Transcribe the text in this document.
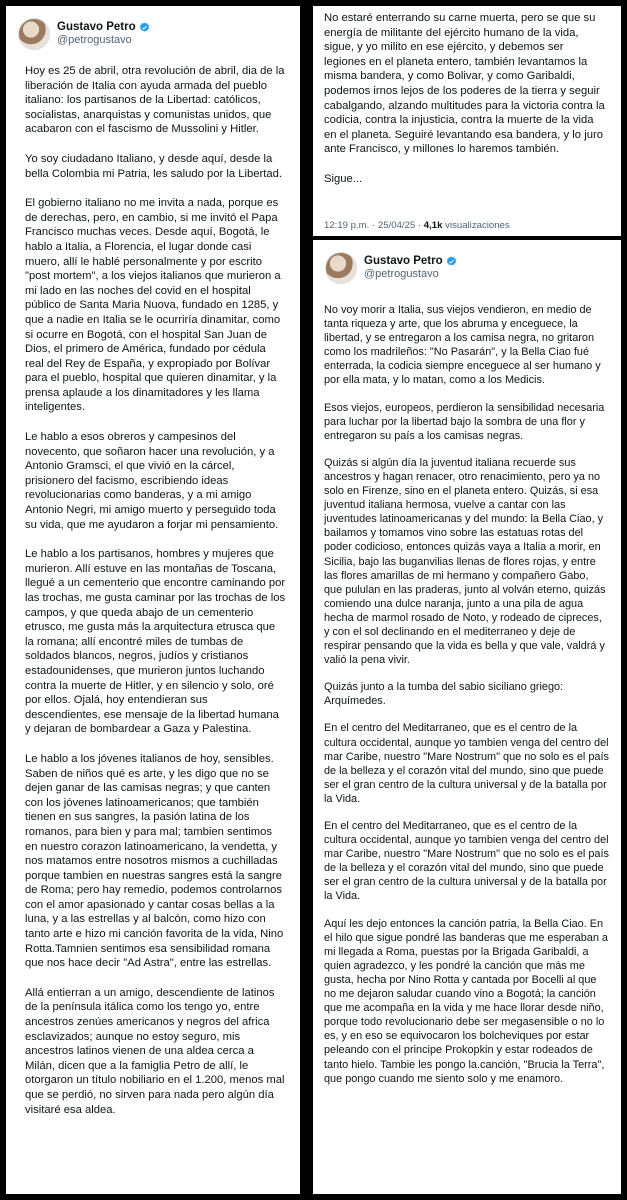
Gustavo Petro
@petrogustavo

Hoy es 25 de abril, otra revolución de abril, dia de la liberación de Italia con ayuda armada del pueblo italiano: los partisanos de la Libertad: católicos, socialistas, anarquistas y comunistas unidos, que acabaron con el fascismo de Mussolini y Hitler.

Yo soy ciudadano Italiano, y desde aquí, desde la bella Colombia mi Patria, les saludo por la Libertad.

El gobierno italiano no me invita a nada, porque es de derechas, pero, en cambio, si me invitó el Papa Francisco muchas veces. Desde aquí, Bogotá, le hablo a Italia, a Florencia, el lugar donde casi muero, allí le hablé personalmente y por escrito "post mortem", a los viejos italianos que murieron a mi lado en las noches del covid en el hospital público de Santa Maria Nuova, fundado en 1285, y que a nadie en Italia se le ocurriría dinamitar, como si ocurre en Bogotá, con el hospital San Juan de Dios, el primero de América, fundado por cédula real del Rey de España, y expropiado por Bolívar para el pueblo, hospital que quieren dinamitar, y la prensa aplaude a los dinamitadores y les llama inteligentes.

Le hablo a esos obreros y campesinos del novecento, que soñaron hacer una revolución, y a Antonio Gramsci, el que vivió en la cárcel, prisionero del facismo, escribiendo ideas revolucionarias como banderas, y a mi amigo Antonio Negri, mi amigo muerto y perseguido toda su vida, que me ayudaron a forjar mi pensamiento.

Le hablo a los partisanos, hombres y mujeres que murieron. Allí estuve en las montañas de Toscana, llegué a un cementerio que encontre caminando por las trochas, me gusta caminar por las trochas de los campos, y que queda abajo de un cementerio etrusco, me gusta más la arquitectura etrusca que la romana; allí encontré miles de tumbas de soldados blancos, negros, judíos y cristianos estadounidenses, que murieron juntos luchando contra la muerte de Hitler, y en silencio y solo, oré por ellos. Ojalá, hoy entendieran sus descendientes, ese mensaje de la libertad humana y dejaran de bombardear a Gaza y Palestina.

Le hablo a los jóvenes italianos de hoy, sensibles. Saben de niños qué es arte, y les digo que no se dejen ganar de las camisas negras; y que canten con los jóvenes latinoamericanos; que también tienen en sus sangres, la pasión latina de los romanos, para bien y para mal; tambien sentimos en nuestro corazon latinoamericano, la vendetta, y nos matamos entre nosotros mismos a cuchilladas porque tambien en nuestras sangres está la sangre de Roma; pero hay remedio, podemos controlarnos con el amor apasionado y cantar cosas bellas a la luna, y a las estrellas y al balcón, como hizo con tanto arte e hizo mi canción favorita de la vida, Nino Rotta.Tamnien sentimos esa sensibilidad romana que nos hace decir "Ad Astra", entre las estrellas.

Allá entierran a un amigo, descendiente de latinos de la península itálica como los tengo yo, entre ancestros zenúes americanos y negros del africa esclavizados; aunque no estoy seguro, mis ancestros latinos vienen de una aldea cerca a Milán, dicen que a la famiglia Petro de allí, le otorgaron un título nobiliario en el 1.200, menos mal que se perdió, no sirven para nada pero algún día visitaré esa aldea.

No estaré enterrando su carne muerta, pero se que su energía de militante del ejército humano de la vida, sigue, y yo milito en ese ejército, y debemos ser legiones en el planeta entero, también levantamos la misma bandera, y como Bolivar, y como Garibaldi, podemos irnos lejos de los poderes de la tierra y seguir cabalgando, alzando multitudes para la victoria contra la codicia, contra la injusticia, contra la muerte de la vida en el planeta. Seguiré levantando esa bandera, y lo juro ante Francisco, y millones lo haremos también.

Sigue...

12:19 p.m. · 25/04/25 · 4,1k visualizaciones
Gustavo Petro
@petrogustavo

No voy morir a Italia, sus viejos vendieron, en medio de tanta riqueza y arte, que los abruma y enceguece, la libertad, y se entregaron a los camisa negra, no gritaron como los madrileños: "No Pasarán", y la Bella Ciao fué enterrada, la codicia siempre enceguece al ser humano y por ella mata, y lo matan, como a los Medicis.

Esos viejos, europeos, perdieron la sensibilidad necesaria para luchar por la libertad bajo la sombra de una flor y entregaron su país a los camisas negras.

Quizás si algún día la juventud italiana recuerde sus ancestros y hagan renacer, otro renacimiento, pero ya no solo en Firenze, sino en el planeta entero. Quizás, si esa juventud italiana hermosa, vuelve a cantar con las juventudes latinoamericanas y del mundo: la Bella Ciao, y bailamos y tomamos vino sobre las estatuas rotas del poder codicioso, entonces quizás vaya a Italia a morir, en Sicilia, bajo las buganvilias llenas de flores rojas, y entre las flores amarillas de mi hermano y compañero Gabo, que pululan en las praderas, junto al volván eterno, quizás comiendo una dulce naranja, junto a una pila de agua hecha de marmol rosado de Noto, y rodeado de cipreces, y con el sol declinando en el mediterraneo y deje de respirar pensando que la vida es bella y que vale, valdrá y valió la pena vivir.

Quizás junto a la tumba del sabio siciliano griego: Arquímedes.

En el centro del Meditarraneo, que es el centro de la cultura occidental, aunque yo tambien venga del centro del mar Caribe, nuestro "Mare Nostrum" que no solo es el país de la belleza y el corazón vital del mundo, sino que puede ser el gran centro de la cultura universal y de la batalla por la Vida.

En el centro del Meditarraneo, que es el centro de la cultura occidental, aunque yo tambien venga del centro del mar Caribe, nuestro "Mare Nostrum" que no solo es el país de la belleza y el corazón vital del mundo, sino que puede ser el gran centro de la cultura universal y de la batalla por la Vida.

Aquí les dejo entonces la canción patria, la Bella Ciao. En el hilo que sigue pondré las banderas que me esperaban a mi llegada a Roma, puestas por la Brigada Garibaldi, a quien agradezco, y les pondré la canción que más me gusta, hecha por Nino Rotta y cantada por Bocelli al que no me dejaron saludar cuando vino a Bogotá; la canción que me acompaña en la vida y me hace llorar desde niño, porque todo revolucionario debe ser megasensible o no lo es, y en eso se equivocaron los bolcheviques por estar peleando con el principe Prokopkin y estar rodeados de tanto hielo. Tambie les pongo la.canción, "Brucia la Terra", que pongo cuando me siento solo y me enamoro.
